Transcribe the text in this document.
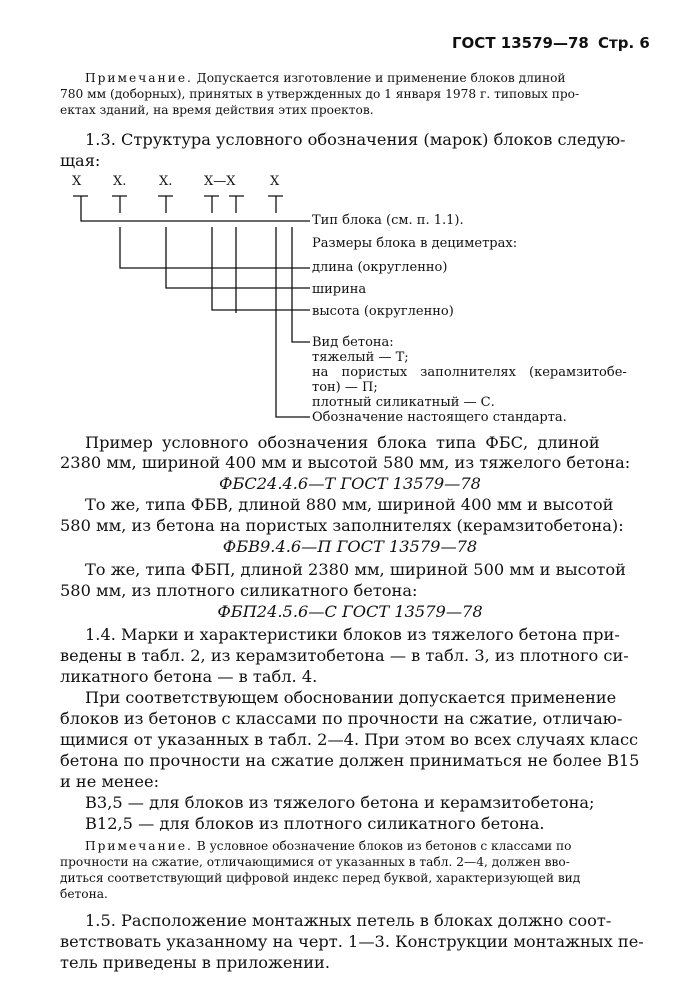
ГОСТ 13579—78 Стр. 6
Примечание. Допускается изготовление и применение блоков длиной
780 мм (доборных), принятых в утвержденных до 1 января 1978 г. типовых про-
ектах зданий, на время действия этих проектов.
1.3. Структура условного обозначения (марок) блоков следую-
щая:
X X.	X. X—X	X
Тип блока (см. п. 1.1).
Размеры блока в дециметрах:
длина (округленно)
ширина
высота (округленно)
Вид бетона:
тяжелый — Т;
на пористых заполнителях (керамзитобе-
тон) — П;
плотный силикатный — С.
Обозначение настоящего стандарта.
Пример условного обозначения блока типа ФБС, длиной
2380 мм, шириной 400 мм и высотой 580 мм, из тяжелого бетона:
ФБС24.4.6—Т ГОСТ 13579—78
То же, типа ФБВ, длиной 880 мм, шириной 400 мм и высотой
580 мм, из бетона на пористых заполнителях (керамзитобетона):
ФБВ9.4.6—П ГОСТ 13579—78
То же, типа ФБП, длиной 2380 мм, шириной 500 мм и высотой
580 мм, из плотного силикатного бетона:
ФБП24.5.6—С ГОСТ 13579—78
1.4. Марки и характеристики блоков из тяжелого бетона при-
ведены в табл. 2, из керамзитобетона — в табл. 3, из плотного си-
ликатного бетона — в табл. 4.
При соответствующем обосновании допускается применение
блоков из бетонов с классами по прочности на сжатие, отличаю-
щимися от указанных в табл. 2—4. При этом во всех случаях класс
бетона по прочности на сжатие должен приниматься не более В15
и не менее:
В3,5 — для блоков из тяжелого бетона и керамзитобетона;
В12,5 — для блоков из плотного силикатного бетона.
Примечание. В условное обозначение блоков из бетонов с классами по
прочности на сжатие, отличающимися от указанных в табл. 2—4, должен вво-
диться соответствующий цифровой индекс перед буквой, характеризующей вид
бетона.
1.5. Расположение монтажных петель в блоках должно соот-
ветствовать указанному на черт. 1—3. Конструкции монтажных пе-
тель приведены в приложении.
